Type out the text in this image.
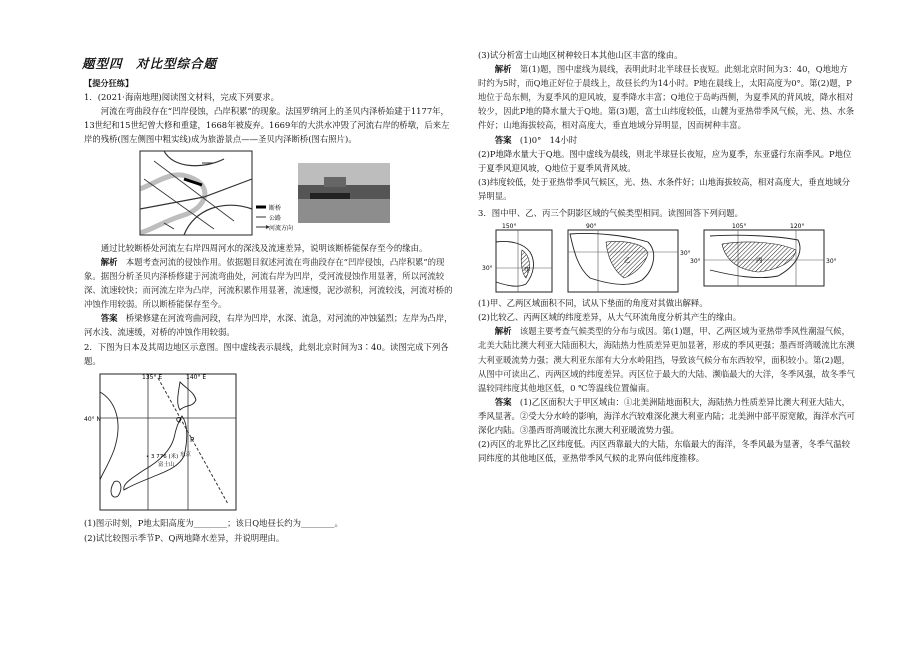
题型四　对比型综合题

【提分狂练】

1．(2021·海南地理)阅读图文材料，完成下列要求。

河流在弯曲段存在“凹岸侵蚀，凸岸积累”的现象。法国罗纳河上的圣贝内泽桥始建于1177年，13世纪和15世纪曾大修和重建，1668年被废弃。1669年的大洪水冲毁了河流右岸的桥墩，后来左岸的残桥(图左侧图中粗实线)成为旅游景点——圣贝内泽断桥(图右照片)。

断桥
公路
河流方向

通过比较断桥处河流左右岸四周河水的深浅及流速差异，说明该断桥能保存至今的缘由。

解析　 本题考查河流的侵蚀作用。依据题目叙述河流在弯曲段存在“凹岸侵蚀，凸岸积累”的现象。据图分析圣贝内泽桥修建于河流弯曲处，河流右岸为凹岸，受河流侵蚀作用显著，所以河流较深、流速较快；而河流左岸为凸岸，河流积累作用显著，流速慢，泥沙淤积，河流较浅，河流对桥的冲蚀作用较弱。所以断桥能保存至今。

答案　 桥梁修建在河流弯曲河段，右岸为凹岸，水深、流急，对河流的冲蚀猛烈；左岸为凸岸，河水浅、流速缓，对桥的冲蚀作用较弱。

2．下图为日本及其周边地区示意图。图中虚线表示晨线，此刻北京时间为3∶40。读图完成下列各题。

135° E	140° E
40° N	Q
P
• 3 776 (米)
富士山
东京

(1)图示时刻，P地太阳高度为________；该日Q地昼长约为________。

(2)试比较图示季节P、Q两地降水差异，并说明理由。

(3)试分析富士山地区树种较日本其他山区丰富的缘由。

解析　 第(1)题，图中虚线为晨线，表明此时北半球昼长夜短。此刻北京时间为3：40，Q地地方时约为5时，而Q地正好位于晨线上，故昼长约为14小时。P地在晨线上，太阳高度为0°。第(2)题，P地位于岛东侧，为夏季风的迎风坡，夏季降水丰富；Q地位于岛屿西侧，为夏季风的背风坡，降水相对较少，因此P地的降水量大于Q地。第(3)题，富士山纬度较低，山麓为亚热带季风气候，光、热、水条件好；山地海拔较高，相对高度大，垂直地域分异明显，因而树种丰富。

答案　 (1)0°　14小时

(2)P地降水量大于Q地。图中虚线为晨线，则北半球昼长夜短，应为夏季，东亚盛行东南季风。P地位于夏季风迎风坡，Q地位于夏季风背风坡。

(3)纬度较低，处于亚热带季风气候区，光、热、水条件好；山地海拔较高，相对高度大，垂直地域分异明显。

3．图中甲、乙、丙三个阴影区域的气候类型相同。读图回答下列问题。

150°
30°	甲
90°
30°
乙
105°	120°
30°
30°	丙

(1)甲、乙两区域面积不同，试从下垫面的角度对其做出解释。

(2)比较乙、丙两区域的纬度差异，从大气环流角度分析其产生的缘由。

解析　 该题主要考查气候类型的分布与成因。第(1)题，甲、乙两区域为亚热带季风性潮湿气候，北美大陆比澳大利亚大陆面积大，海陆热力性质差异更加显著，形成的季风更强；墨西哥湾暖流比东澳大利亚暖流势力强；澳大利亚东部有大分水岭阻挡，导致该气候分布东西较窄，面积较小。第(2)题，从图中可读出乙、丙两区域的纬度差异。丙区位于最大的大陆、濒临最大的大洋，冬季风强，故冬季气温较同纬度其他地区低，0 ℃等温线位置偏南。

答案　 (1)乙区面积大于甲区域由：①北美洲陆地面积大，海陆热力性质差异比澳大利亚大陆大，季风显著。②受大分水岭的影响，海洋水汽较难深化澳大利亚内陆；北美洲中部平原宽敞，海洋水汽可深化内陆。③墨西哥湾暖流比东澳大利亚暖流势力强。

(2)丙区的北界比乙区纬度低。丙区西靠最大的大陆，东临最大的海洋，冬季风最为显著，冬季气温较同纬度的其他地区低，亚热带季风气候的北界向低纬度推移。
